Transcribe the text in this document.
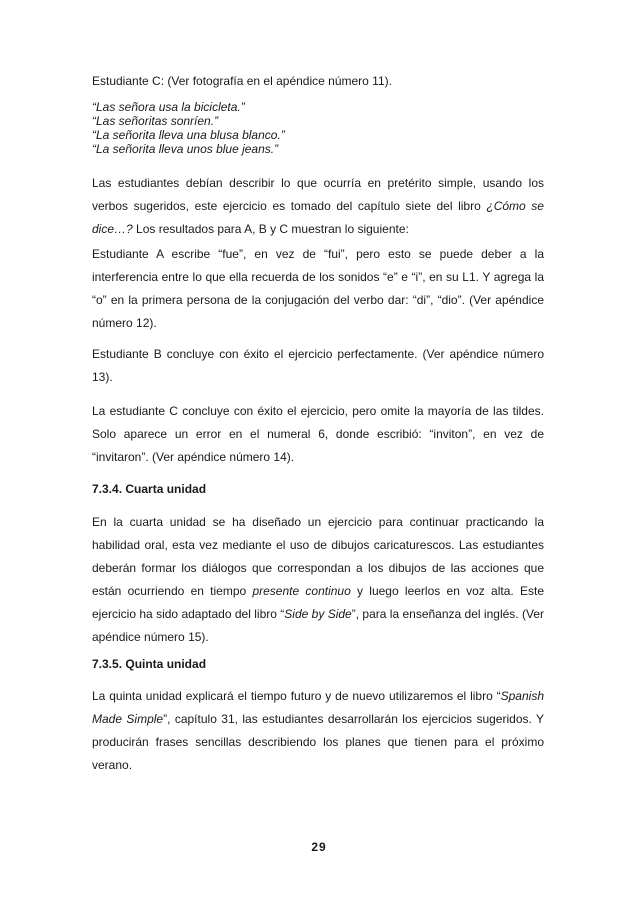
Estudiante C: (Ver fotografía en el apéndice número 11).

“Las señora usa la bicicleta.”

“Las señoritas sonríen.”

“La señorita lleva una blusa blanco.”

“La señorita lleva unos blue jeans.”

Las estudiantes debían describir lo que ocurría en pretérito simple, usando los verbos sugeridos, este ejercicio es tomado del capítulo siete del libro ¿Cómo se dice…? Los resultados para A, B y C muestran lo siguiente:

Estudiante A escribe “fue”, en vez de “fui”, pero esto se puede deber a la interferencia entre lo que ella recuerda de los sonidos “e” e “i”, en su L1. Y agrega la “o” en la primera persona de la conjugación del verbo dar: “di”, “dio”. (Ver apéndice número 12).

Estudiante B concluye con éxito el ejercicio perfectamente. (Ver apéndice número 13).

La estudiante C concluye con éxito el ejercicio, pero omite la mayoría de las tildes. Solo aparece un error en el numeral 6, donde escribió: “inviton”, en vez de “invitaron”. (Ver apéndice número 14).

7.3.4. Cuarta unidad

En la cuarta unidad se ha diseñado un ejercicio para continuar practicando la habilidad oral, esta vez mediante el uso de dibujos caricaturescos. Las estudiantes deberán formar los diálogos que correspondan a los dibujos de las acciones que están ocurriendo en tiempo presente continuo y luego leerlos en voz alta. Este ejercicio ha sido adaptado del libro “Side by Side”, para la enseñanza del inglés. (Ver apéndice número 15).

7.3.5. Quinta unidad

La quinta unidad explicará el tiempo futuro y de nuevo utilizaremos el libro “Spanish Made Simple”, capítulo 31, las estudiantes desarrollarán los ejercicios sugeridos. Y producirán frases sencillas describiendo los planes que tienen para el próximo verano.

29
